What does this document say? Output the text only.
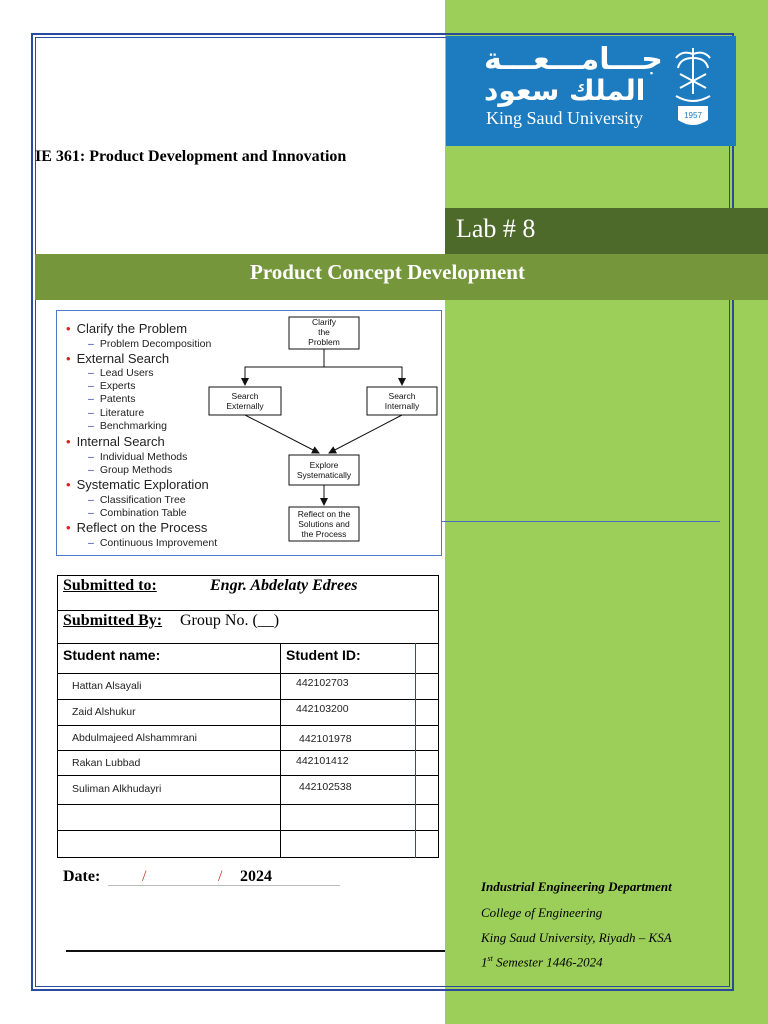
جـــامـــعـــة
الملك سعود
King Saud University	1957
IE 361: Product Development and Innovation
Lab # 8
Product Concept Development
Clarify
the
Problem
Search
Externally
Search
Internally
Explore
Systematically
Reflect on the
Solutions and
the Process
• Clarify the Problem
– Problem Decomposition
• External Search
– Lead Users
– Experts
– Patents
– Literature
– Benchmarking
• Internal Search
– Individual Methods
– Group Methods
• Systematic Exploration
– Classification Tree
– Combination Table
• Reflect on the Process
– Continuous Improvement
Submitted to:	Engr. Abdelaty Edrees
Submitted By: Group No. (__)
Student name:	Student ID:
Hattan Alsayali	442102703
Zaid Alshukur	442103200
Abdulmajeed Alshammrani	442101978
Rakan Lubbad	442101412
Suliman Alkhudayri	442102538
Date:	/	/ 2024
Industrial Engineering Department
College of Engineering
King Saud University, Riyadh – KSA
1st Semester 1446-2024
